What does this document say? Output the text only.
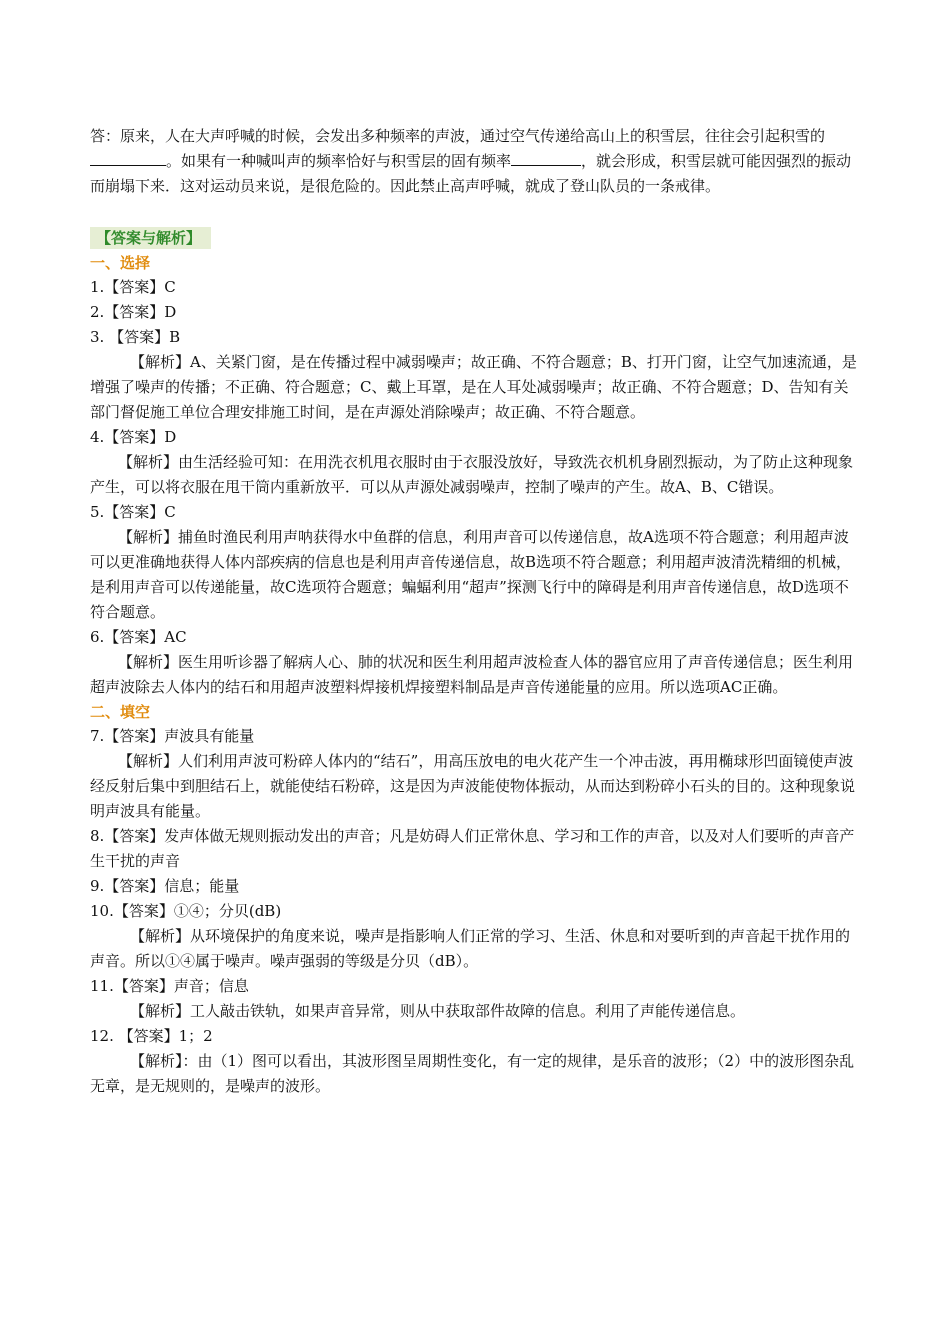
答：原来，人在大声呼喊的时候，会发出多种频率的声波，通过空气传递给高山上的积雪层，往往会引起积雪的。如果有一种喊叫声的频率恰好与积雪层的固有频率	，就会形成，积雪层就可能因强烈的振动而崩塌下来．这对运动员来说，是很危险的。因此禁止高声呼喊，就成了登山队员的一条戒律。

【答案与解析】
一、选择

1.【答案】C

2.【答案】D

3. 【答案】B

【解析】A、关紧门窗，是在传播过程中减弱噪声；故正确、不符合题意；B、打开门窗，让空气加速流通，是增强了噪声的传播；不正确、符合题意；C、戴上耳罩，是在人耳处减弱噪声；故正确、不符合题意；D、告知有关部门督促施工单位合理安排施工时间，是在声源处消除噪声；故正确、不符合题意。

4.【答案】D

【解析】由生活经验可知：在用洗衣机甩衣服时由于衣服没放好，导致洗衣机机身剧烈振动，为了防止这种现象产生，可以将衣服在甩干筒内重新放平．可以从声源处减弱噪声，控制了噪声的产生。故A、B、C错误。

5.【答案】C

【解析】捕鱼时渔民利用声呐获得水中鱼群的信息，利用声音可以传递信息，故A选项不符合题意；利用超声波可以更准确地获得人体内部疾病的信息也是利用声音传递信息，故B选项不符合题意；利用超声波清洗精细的机械，是利用声音可以传递能量，故C选项符合题意；蝙蝠利用“超声”探测飞行中的障碍是利用声音传递信息，故D选项不符合题意。

6.【答案】AC

【解析】医生用听诊器了解病人心、肺的状况和医生利用超声波检查人体的器官应用了声音传递信息；医生利用超声波除去人体内的结石和用超声波塑料焊接机焊接塑料制品是声音传递能量的应用。所以选项AC正确。

二、填空

7.【答案】声波具有能量

【解析】人们利用声波可粉碎人体内的“结石”，用高压放电的电火花产生一个冲击波，再用椭球形凹面镜使声波经反射后集中到胆结石上，就能使结石粉碎，这是因为声波能使物体振动，从而达到粉碎小石头的目的。这种现象说明声波具有能量。

8.【答案】发声体做无规则振动发出的声音；凡是妨碍人们正常休息、学习和工作的声音，以及对人们要听的声音产生干扰的声音

9.【答案】信息；能量

10.【答案】①④；分贝(dB)

【解析】从环境保护的角度来说，噪声是指影响人们正常的学习、生活、休息和对要听到的声音起干扰作用的声音。所以①④属于噪声。噪声强弱的等级是分贝（dB）。

11.【答案】声音；信息

【解析】工人敲击铁轨，如果声音异常，则从中获取部件故障的信息。利用了声能传递信息。

12. 【答案】1；2

【解析】：由（1）图可以看出，其波形图呈周期性变化，有一定的规律，是乐音的波形；（2）中的波形图杂乱无章，是无规则的，是噪声的波形。
